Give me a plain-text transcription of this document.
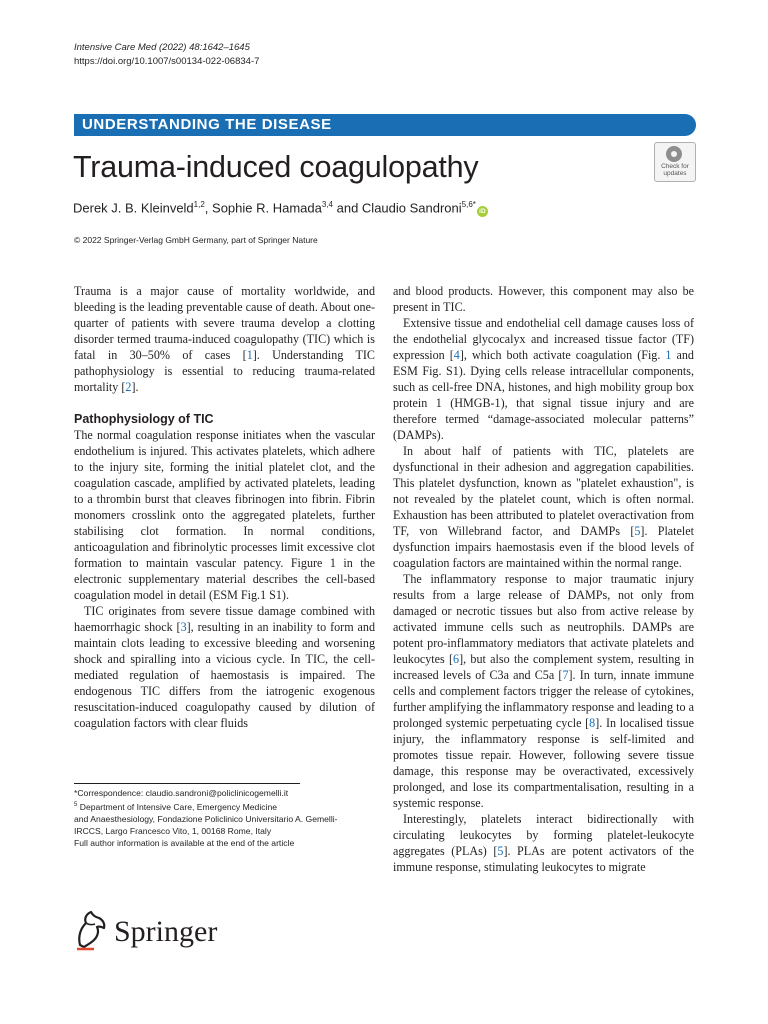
Intensive Care Med (2022) 48:1642–1645
https://doi.org/10.1007/s00134-022-06834-7
UNDERSTANDING THE DISEASE
Trauma-induced coagulopathy	Check for updates
Derek J. B. Kleinveld$^{1,2}$, Sophie R. Hamada$^{3,4}$ and Claudio Sandroni$^{5,6*}$iD
© 2022 Springer-Verlag GmbH Germany, part of Springer Nature

Trauma is a major cause of mortality worldwide, and bleeding is the leading preventable cause of death. About one-quarter of patients with severe trauma develop a clotting disorder termed trauma-induced coagulopathy (TIC) which is fatal in 30–50% of cases [1]. Understanding TIC pathophysiology is essential to reducing trauma-related mortality [2].

Pathophysiology of TIC

The normal coagulation response initiates when the vascular endothelium is injured. This activates platelets, which adhere to the injury site, forming the initial platelet clot, and the coagulation cascade, amplified by activated platelets, leading to a thrombin burst that cleaves fibrinogen into fibrin. Fibrin monomers crosslink onto the aggregated platelets, further stabilising clot formation. In normal conditions, anticoagulation and fibrinolytic processes limit excessive clot formation to maintain vascular patency. Figure 1 in the electronic supplementary material describes the cell-based coagulation model in detail (ESM Fig.1 S1).

TIC originates from severe tissue damage combined with haemorrhagic shock [3], resulting in an inability to form and maintain clots leading to excessive bleeding and worsening shock and spiralling into a vicious cycle. In TIC, the cell-mediated regulation of haemostasis is impaired. The endogenous TIC differs from the iatrogenic exogenous resuscitation-induced coagulopathy caused by dilution of coagulation factors with clear fluids

and blood products. However, this component may also be present in TIC.

Extensive tissue and endothelial cell damage causes loss of the endothelial glycocalyx and increased tissue factor (TF) expression [4], which both activate coagulation (Fig. 1 and ESM Fig. S1). Dying cells release intracellular components, such as cell-free DNA, histones, and high mobility group box protein 1 (HMGB-1), that signal tissue injury and are therefore termed “damage-associated molecular patterns” (DAMPs).

In about half of patients with TIC, platelets are dysfunctional in their adhesion and aggregation capabilities. This platelet dysfunction, known as "platelet exhaustion", is not revealed by the platelet count, which is often normal. Exhaustion has been attributed to platelet overactivation from TF, von Willebrand factor, and DAMPs [5]. Platelet dysfunction impairs haemostasis even if the blood levels of coagulation factors are maintained within the normal range.

The inflammatory response to major traumatic injury results from a large release of DAMPs, not only from damaged or necrotic tissues but also from active release by activated immune cells such as neutrophils. DAMPs are potent pro-inflammatory mediators that activate platelets and leukocytes [6], but also the complement system, resulting in increased levels of C3a and C5a [7]. In turn, innate immune cells and complement factors trigger the release of cytokines, further amplifying the inflammatory response and leading to a prolonged systemic perpetuating cycle [8]. In localised tissue injury, the inflammatory response is self-limited and promotes tissue repair. However, following severe tissue damage, this response may be overactivated, excessively prolonged, and lose its compartmentalisation, resulting in a systemic response.

Interestingly, platelets interact bidirectionally with circulating leukocytes by forming platelet-leukocyte aggregates (PLAs) [5]. PLAs are potent activators of the immune response, stimulating leukocytes to migrate

*Correspondence: claudio.sandroni@policlinicogemelli.it
$^5$ Department of Intensive Care, Emergency Medicine
and Anaesthesiology, Fondazione Policlinico Universitario A. Gemelli-
IRCCS, Largo Francesco Vito, 1, 00168 Rome, Italy
Full author information is available at the end of the article
Springer
